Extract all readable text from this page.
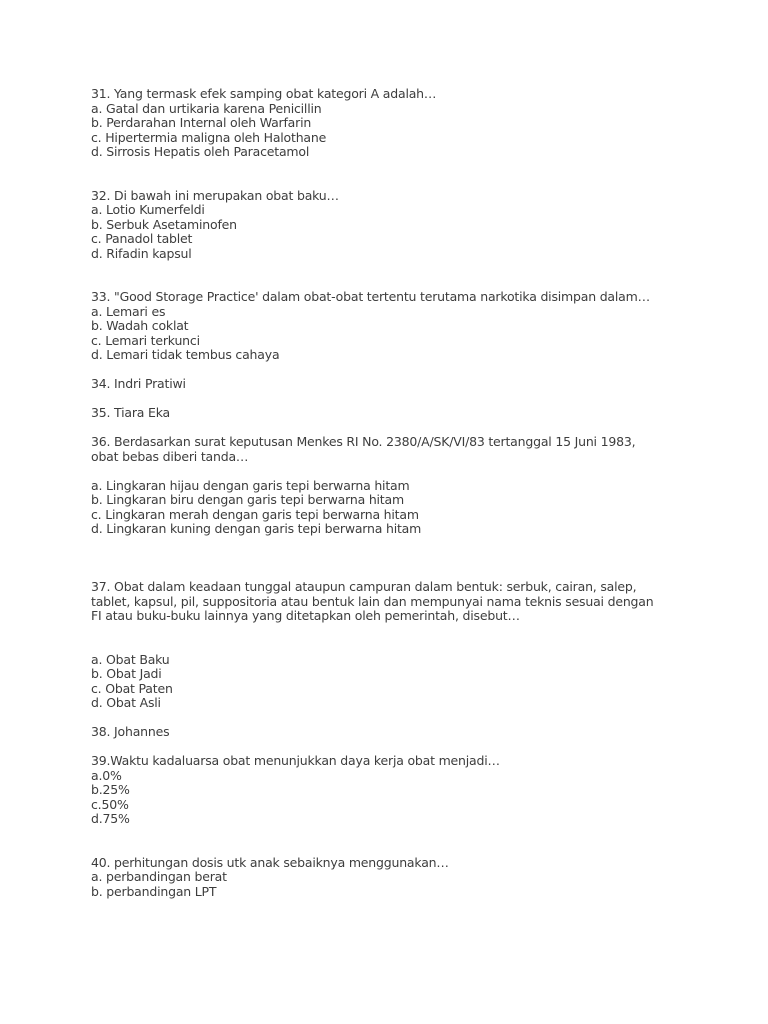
31. Yang termask efek samping obat kategori A adalah…

a. Gatal dan urtikaria karena Penicillin

b. Perdarahan Internal oleh Warfarin

c. Hipertermia maligna oleh Halothane

d. Sirrosis Hepatis oleh Paracetamol

32. Di bawah ini merupakan obat baku…

a. Lotio Kumerfeldi

b. Serbuk Asetaminofen

c. Panadol tablet

d. Rifadin kapsul

33. "Good Storage Practice' dalam obat-obat tertentu terutama narkotika disimpan dalam…

a. Lemari es

b. Wadah coklat

c. Lemari terkunci

d. Lemari tidak tembus cahaya

34. Indri Pratiwi

35. Tiara Eka

36. Berdasarkan surat keputusan Menkes RI No. 2380/A/SK/VI/83 tertanggal 15 Juni 1983,

obat bebas diberi tanda…

a. Lingkaran hijau dengan garis tepi berwarna hitam

b. Lingkaran biru dengan garis tepi berwarna hitam

c. Lingkaran merah dengan garis tepi berwarna hitam

d. Lingkaran kuning dengan garis tepi berwarna hitam

37. Obat dalam keadaan tunggal ataupun campuran dalam bentuk: serbuk, cairan, salep,

tablet, kapsul, pil, suppositoria atau bentuk lain dan mempunyai nama teknis sesuai dengan

FI atau buku-buku lainnya yang ditetapkan oleh pemerintah, disebut…

a. Obat Baku

b. Obat Jadi

c. Obat Paten

d. Obat Asli

38. Johannes

39.Waktu kadaluarsa obat menunjukkan daya kerja obat menjadi…

a.0%

b.25%

c.50%

d.75%

40. perhitungan dosis utk anak sebaiknya menggunakan…

a. perbandingan berat

b. perbandingan LPT
